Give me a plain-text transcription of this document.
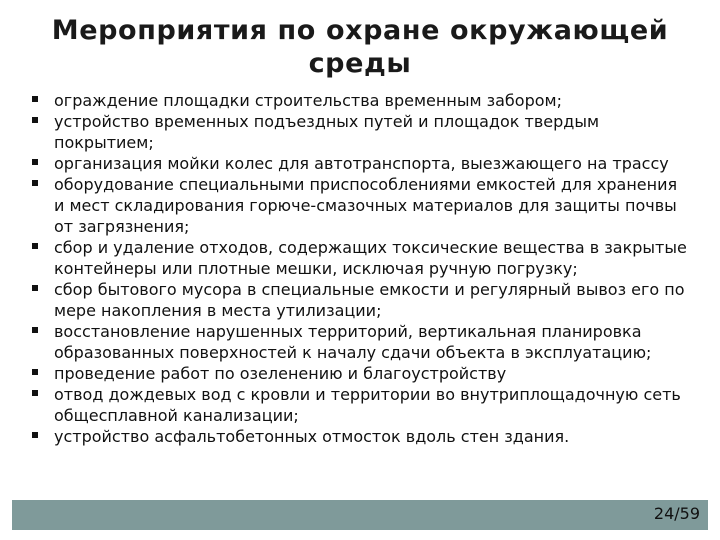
Мероприятия по охране окружающей среды
ограждение площадки строительства временным забором;
устройство временных подъездных путей и площадок твердым покрытием;
организация мойки колес для автотранспорта, выезжающего на трассу
оборудование специальными приспособлениями емкостей для хранения и мест складирования горюче-смазочных материалов для защиты почвы от загрязнения;
сбор и удаление отходов, содержащих токсические вещества в закрытые контейнеры или плотные мешки, исключая ручную погрузку;
сбор бытового мусора в специальные емкости и регулярный вывоз его по мере накопления в места утилизации;
восстановление нарушенных территорий, вертикальная планировка образованных поверхностей к началу сдачи объекта в эксплуатацию;
проведение работ по озеленению и благоустройству
отвод дождевых вод с кровли и территории во внутриплощадочную сеть общесплавной канализации;
устройство асфальтобетонных отмосток вдоль стен здания.
24/59
